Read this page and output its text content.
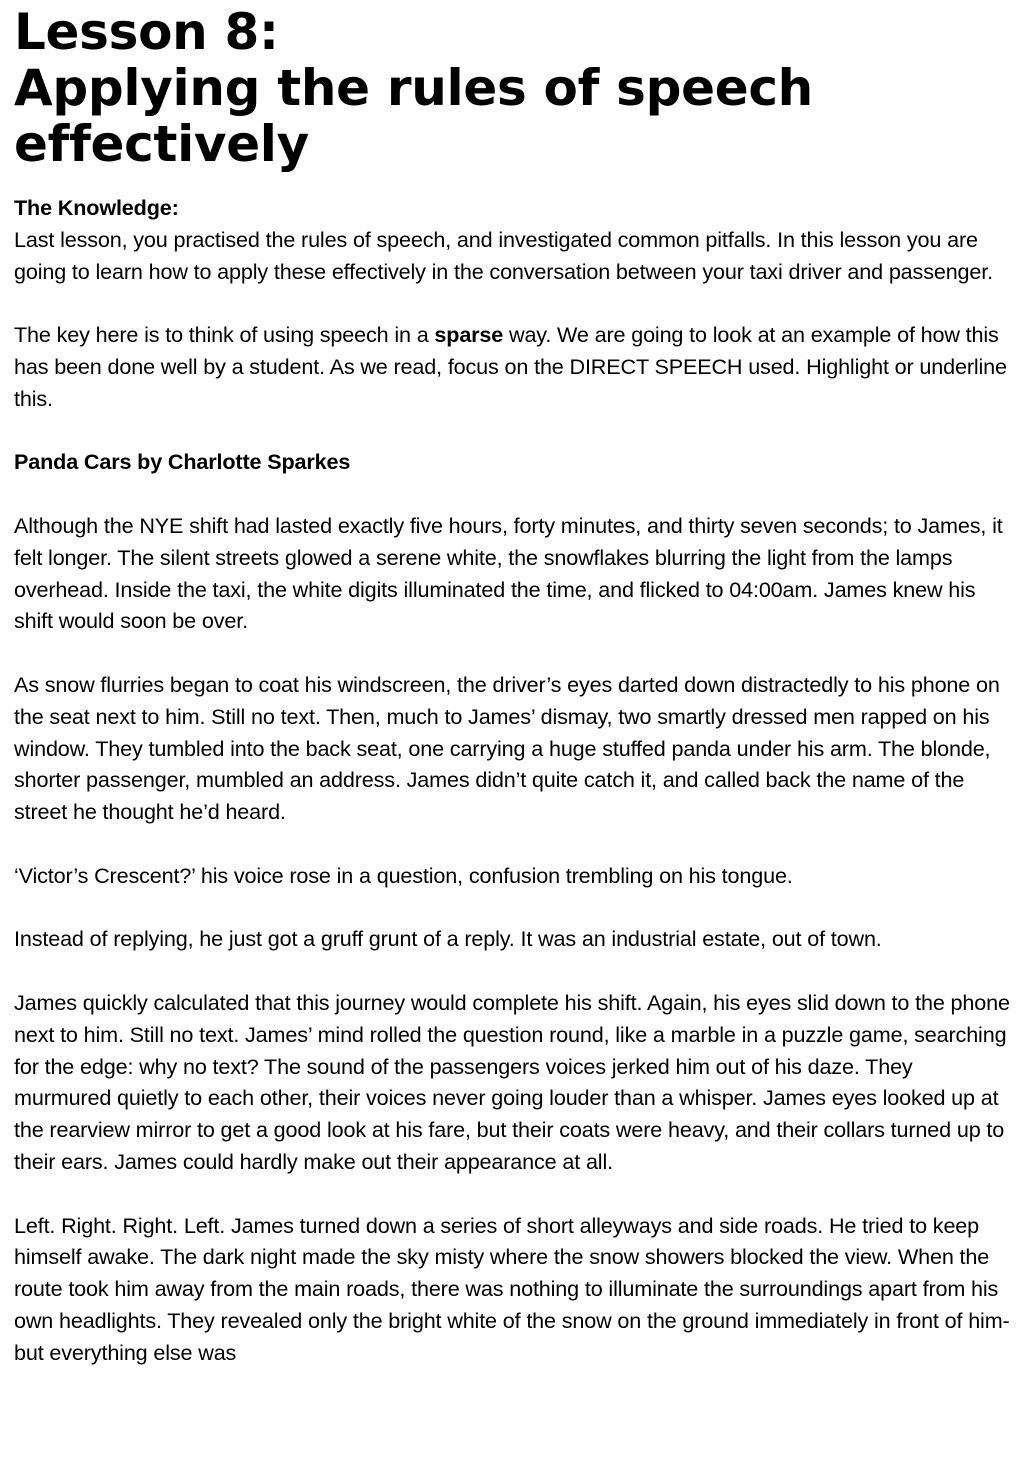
Lesson 8:
Applying the rules of speech
effectively

The Knowledge:

Last lesson, you practised the rules of speech, and investigated common pitfalls. In this lesson you are going to learn how to apply these effectively in the conversation between your taxi driver and passenger.

The key here is to think of using speech in a sparse way. We are going to look at an example of how this has been done well by a student. As we read, focus on the DIRECT SPEECH used. Highlight or underline this.

Panda Cars by Charlotte Sparkes

Although the NYE shift had lasted exactly five hours, forty minutes, and thirty seven seconds; to James, it felt longer. The silent streets glowed a serene white, the snowflakes blurring the light from the lamps overhead. Inside the taxi, the white digits illuminated the time, and flicked to 04:00am. James knew his shift would soon be over.

As snow flurries began to coat his windscreen, the driver’s eyes darted down distractedly to his phone on the seat next to him. Still no text. Then, much to James’ dismay, two smartly dressed men rapped on his window. They tumbled into the back seat, one carrying a huge stuffed panda under his arm. The blonde, shorter passenger, mumbled an address. James didn’t quite catch it, and called back the name of the street he thought he’d heard.

‘Victor’s Crescent?’ his voice rose in a question, confusion trembling on his tongue.

Instead of replying, he just got a gruff grunt of a reply. It was an industrial estate, out of town.

James quickly calculated that this journey would complete his shift. Again, his eyes slid down to the phone next to him. Still no text. James’ mind rolled the question round, like a marble in a puzzle game, searching for the edge: why no text? The sound of the passengers voices jerked him out of his daze. They murmured quietly to each other, their voices never going louder than a whisper. James eyes looked up at the rearview mirror to get a good look at his fare, but their coats were heavy, and their collars turned up to their ears. James could hardly make out their appearance at all.

Left. Right. Right. Left. James turned down a series of short alleyways and side roads. He tried to keep himself awake. The dark night made the sky misty where the snow showers blocked the view. When the route took him away from the main roads, there was nothing to illuminate the surroundings apart from his own headlights. They revealed only the bright white of the snow on the ground immediately in front of him- but everything else was
